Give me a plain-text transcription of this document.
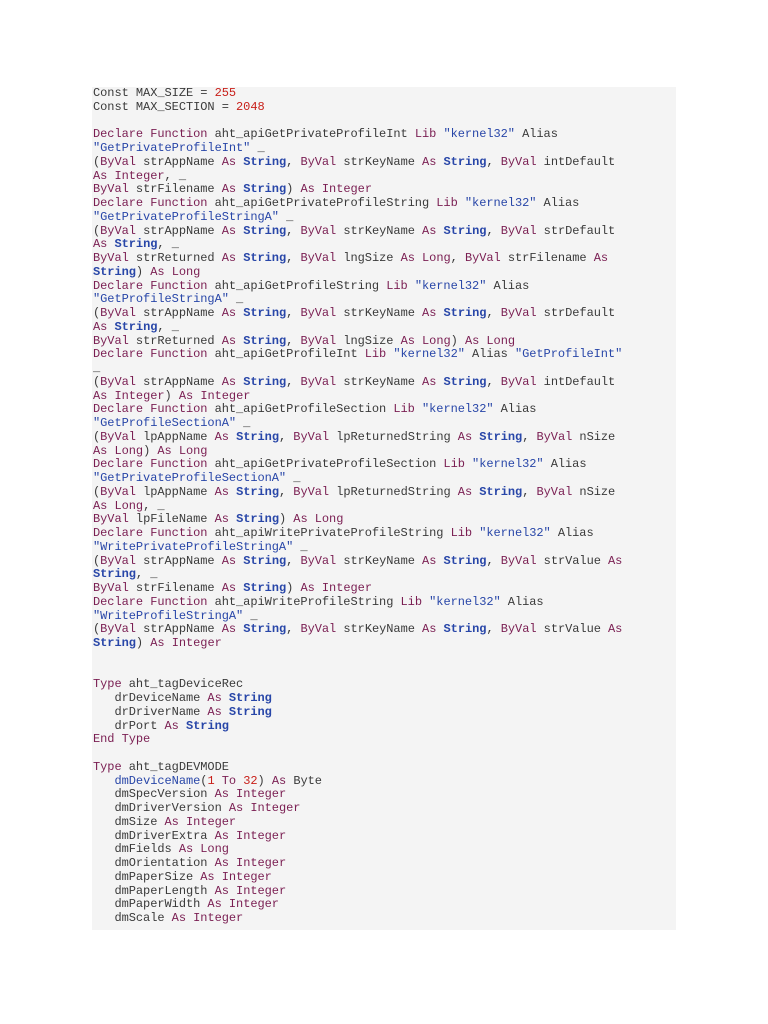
Const MAX_SIZE = 255
Const MAX_SECTION = 2048

Declare Function aht_apiGetPrivateProfileInt Lib "kernel32" Alias
"GetPrivateProfileInt" _
(ByVal strAppName As String, ByVal strKeyName As String, ByVal intDefault
As Integer, _
ByVal strFilename As String) As Integer
Declare Function aht_apiGetPrivateProfileString Lib "kernel32" Alias
"GetPrivateProfileStringA" _
(ByVal strAppName As String, ByVal strKeyName As String, ByVal strDefault
As String, _
ByVal strReturned As String, ByVal lngSize As Long, ByVal strFilename As
String) As Long
Declare Function aht_apiGetProfileString Lib "kernel32" Alias
"GetProfileStringA" _
(ByVal strAppName As String, ByVal strKeyName As String, ByVal strDefault
As String, _
ByVal strReturned As String, ByVal lngSize As Long) As Long
Declare Function aht_apiGetProfileInt Lib "kernel32" Alias "GetProfileInt"
_
(ByVal strAppName As String, ByVal strKeyName As String, ByVal intDefault
As Integer) As Integer
Declare Function aht_apiGetProfileSection Lib "kernel32" Alias
"GetProfileSectionA" _
(ByVal lpAppName As String, ByVal lpReturnedString As String, ByVal nSize
As Long) As Long
Declare Function aht_apiGetPrivateProfileSection Lib "kernel32" Alias
"GetPrivateProfileSectionA" _
(ByVal lpAppName As String, ByVal lpReturnedString As String, ByVal nSize
As Long, _
ByVal lpFileName As String) As Long
Declare Function aht_apiWritePrivateProfileString Lib "kernel32" Alias
"WritePrivateProfileStringA" _
(ByVal strAppName As String, ByVal strKeyName As String, ByVal strValue As
String, _
ByVal strFilename As String) As Integer
Declare Function aht_apiWriteProfileString Lib "kernel32" Alias
"WriteProfileStringA" _
(ByVal strAppName As String, ByVal strKeyName As String, ByVal strValue As
String) As Integer

Type aht_tagDeviceRec
drDeviceName As String
drDriverName As String
drPort As String
End Type

Type aht_tagDEVMODE
dmDeviceName(1 To 32) As Byte
dmSpecVersion As Integer
dmDriverVersion As Integer
dmSize As Integer
dmDriverExtra As Integer
dmFields As Long
dmOrientation As Integer
dmPaperSize As Integer
dmPaperLength As Integer
dmPaperWidth As Integer
dmScale As Integer
